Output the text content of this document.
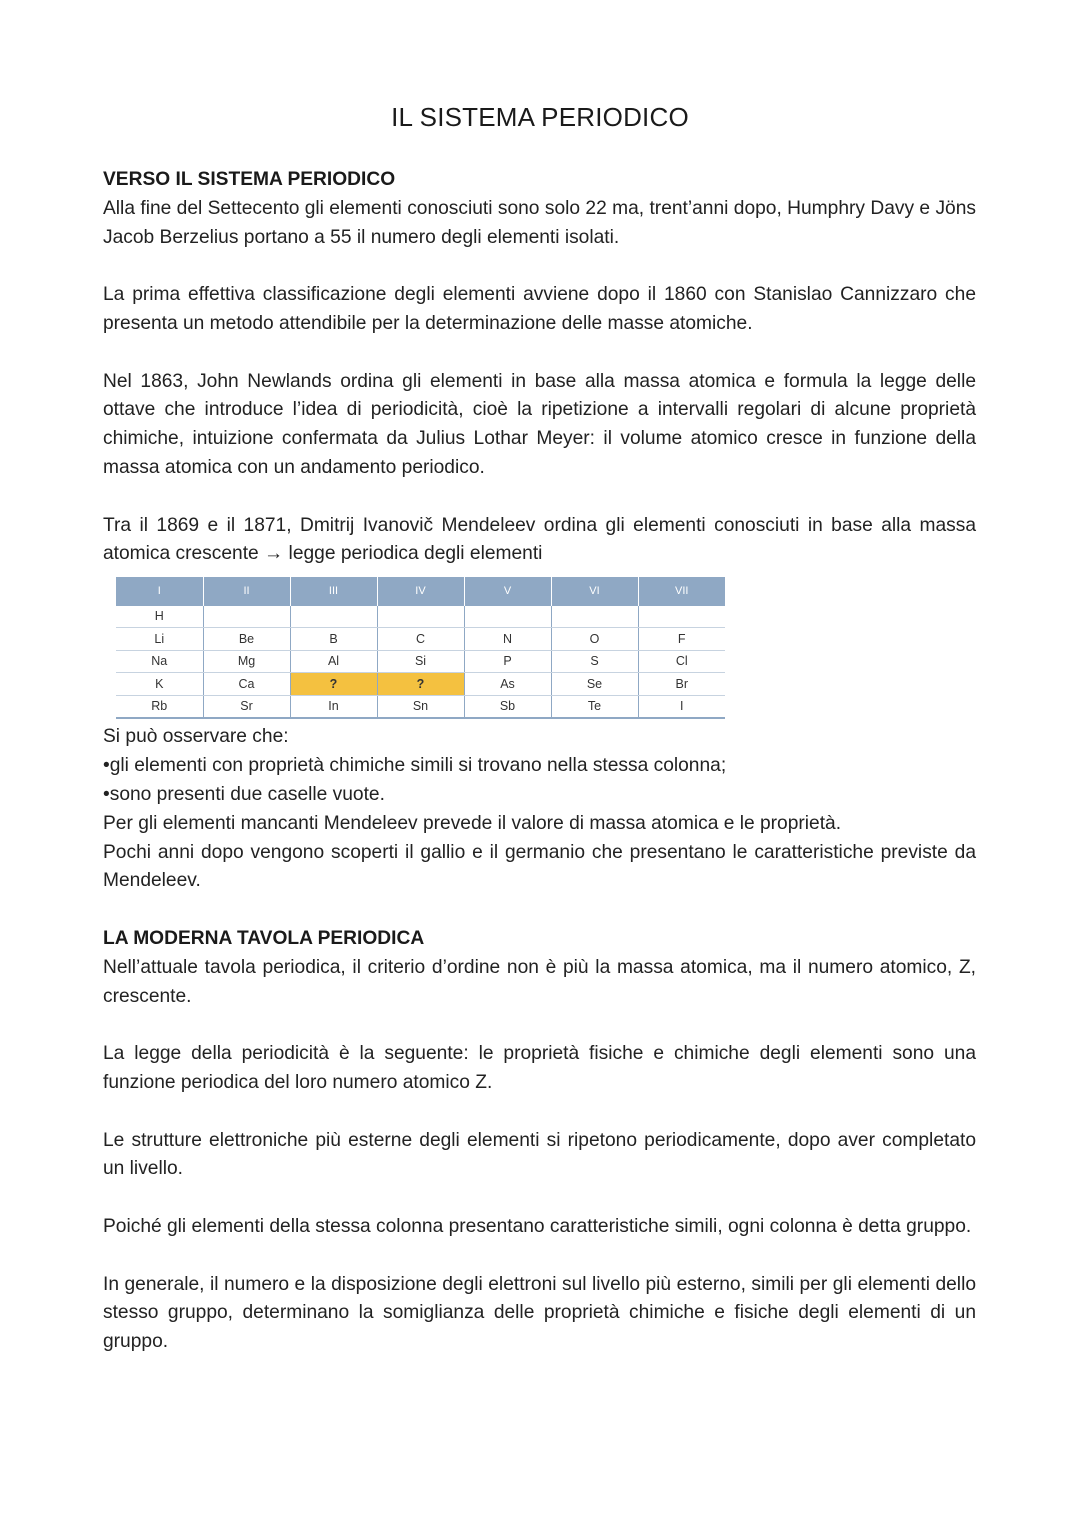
IL SISTEMA PERIODICO
VERSO IL SISTEMA PERIODICO

Alla fine del Settecento gli elementi conosciuti sono solo 22 ma, trent’anni dopo, Humphry Davy e Jöns Jacob Berzelius portano a 55 il numero degli elementi isolati.

La prima effettiva classificazione degli elementi avviene dopo il 1860 con Stanislao Cannizzaro che presenta un metodo attendibile per la determinazione delle masse atomiche.

Nel 1863, John Newlands ordina gli elementi in base alla massa atomica e formula la legge delle ottave che introduce l’idea di periodicità, cioè la ripetizione a intervalli regolari di alcune proprietà chimiche, intuizione confermata da Julius Lothar Meyer: il volume atomico cresce in funzione della massa atomica con un andamento periodico.

Tra il 1869 e il 1871, Dmitrij Ivanovič Mendeleev ordina gli elementi conosciuti in base alla massa atomica crescente → legge periodica degli elementi

I	II	III	IV	V	VI	VII
H						
Li	Be	B	C	N	O	F
Na	Mg	Al	Si	P	S	Cl
K	Ca	?	?	As	Se	Br
Rb	Sr	In	Sn	Sb	Te	I

Si può osservare che:

• gli elementi con proprietà chimiche simili si trovano nella stessa colonna;

• sono presenti due caselle vuote.

Per gli elementi mancanti Mendeleev prevede il valore di massa atomica e le proprietà.

Pochi anni dopo vengono scoperti il gallio e il germanio che presentano le caratteristiche previste da Mendeleev.

LA MODERNA TAVOLA PERIODICA

Nell’attuale tavola periodica, il criterio d’ordine non è più la massa atomica, ma il numero atomico, Z, crescente.

La legge della periodicità è la seguente: le proprietà fisiche e chimiche degli elementi sono una funzione periodica del loro numero atomico Z.

Le strutture elettroniche più esterne degli elementi si ripetono periodicamente, dopo aver completato un livello.

Poiché gli elementi della stessa colonna presentano caratteristiche simili, ogni colonna è detta gruppo.

In generale, il numero e la disposizione degli elettroni sul livello più esterno, simili per gli elementi dello stesso gruppo, determinano la somiglianza delle proprietà chimiche e fisiche degli elementi di un gruppo.
